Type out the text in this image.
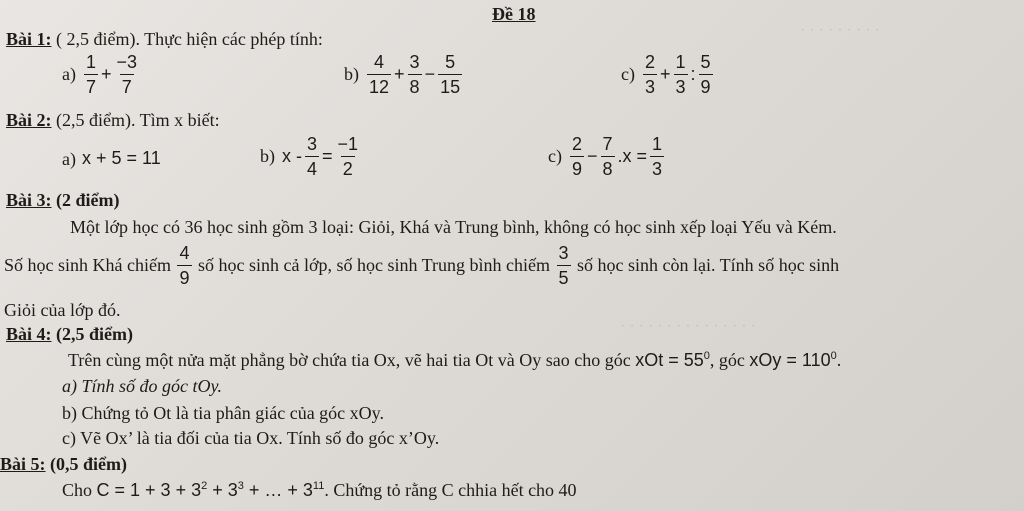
· · · · · · · · ·
· · · · · · · · · · · · · · ·
Đề 18
Bài 1: ( 2,5 điểm). Thực hiện các phép tính:
$a) \frac{1}{7} + \frac{-3}{7}$	$b) \frac{4}{12} + \frac{3}{8} - \frac{5}{15}$	$c) \frac{2}{3} + \frac{1}{3}$ : $\frac{5}{9}$
Bài 2: (2,5 điểm). Tìm x biết:
a) x + 5 = 11	b) $x - \frac{3}{4} = \frac{-1}{2}$	$c) \frac{2}{9} - \frac{7}{8} .x = \frac{1}{3}$
Bài 3: (2 điểm)
Một lớp học có 36 học sinh gồm 3 loại: Giỏi, Khá và Trung bình, không có học sinh xếp loại Yếu và Kém.
Số học sinh Khá chiếm $\frac{4}{9}$ số học sinh cả lớp, số học sinh Trung bình chiếm $\frac{3}{5}$ số học sinh còn lại. Tính số học sinh
Giỏi của lớp đó.
Bài 4: (2,5 điểm)
Trên cùng một nửa mặt phẳng bờ chứa tia Ox, vẽ hai tia Ot và Oy sao cho góc xOt = $55^0$, góc xOy = $110^0$.
a) Tính số đo góc tOy.
b) Chứng tỏ Ot là tia phân giác của góc xOy.
c) Vẽ Ox’ là tia đối của tia Ox. Tính số đo góc x’Oy.
Bài 5: (0,5 điểm)
Cho $C = 1 + 3 + 3^2 + 3^3$ + … + $3^{11}$. Chứng tỏ rằng C chhia hết cho 40
